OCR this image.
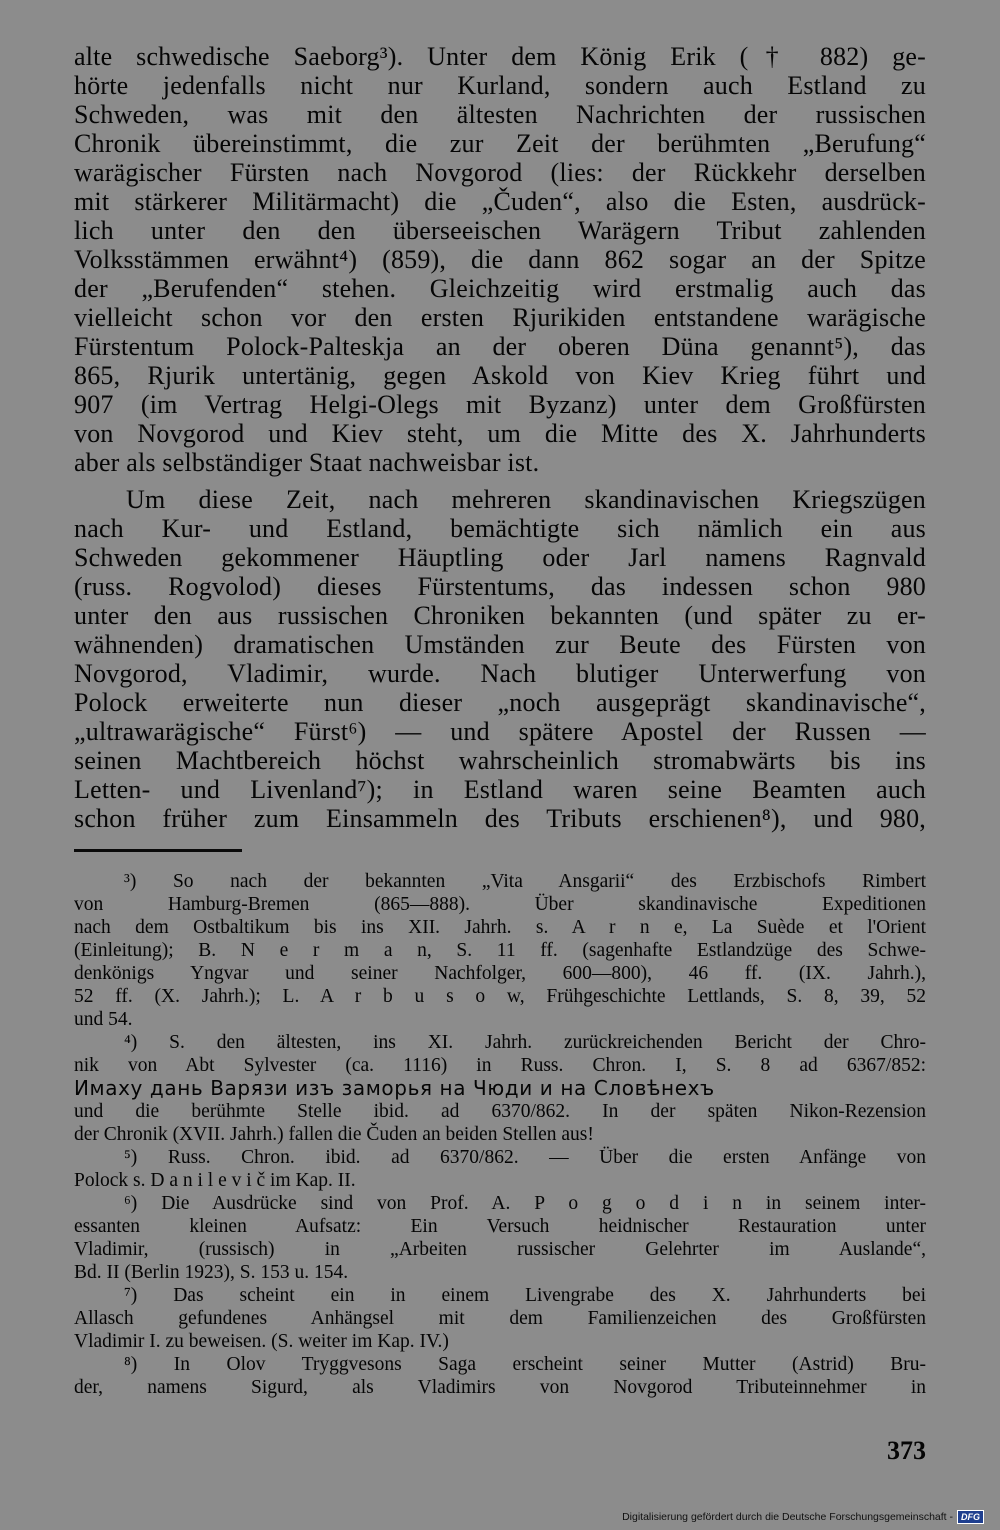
alte schwedische Saeborg³). Unter dem König Erik († 882) ge-
hörte jedenfalls nicht nur Kurland, sondern auch Estland zu
Schweden, was mit den ältesten Nachrichten der russischen
Chronik übereinstimmt, die zur Zeit der berühmten „Berufung“
warägischer Fürsten nach Novgorod (lies: der Rückkehr derselben
mit stärkerer Militärmacht) die „Čuden“, also die Esten, ausdrück-
lich unter den den überseeischen Warägern Tribut zahlenden
Volksstämmen erwähnt⁴) (859), die dann 862 sogar an der Spitze
der „Berufenden“ stehen. Gleichzeitig wird erstmalig auch das
vielleicht schon vor den ersten Rjurikiden entstandene warägische
Fürstentum Polock-Palteskja an der oberen Düna genannt⁵), das
865, Rjurik untertänig, gegen Askold von Kiev Krieg führt und
907 (im Vertrag Helgi-Olegs mit Byzanz) unter dem Großfürsten
von Novgorod und Kiev steht, um die Mitte des X. Jahrhunderts
aber als selbständiger Staat nachweisbar ist.
Um diese Zeit, nach mehreren skandinavischen Kriegszügen
nach Kur- und Estland, bemächtigte sich nämlich ein aus
Schweden gekommener Häuptling oder Jarl namens Ragnvald
(russ. Rogvolod) dieses Fürstentums, das indessen schon 980
unter den aus russischen Chroniken bekannten (und später zu er-
wähnenden) dramatischen Umständen zur Beute des Fürsten von
Novgorod, Vladimir, wurde. Nach blutiger Unterwerfung von
Polock erweiterte nun dieser „noch ausgeprägt skandinavische“,
„ultrawarägische“ Fürst⁶) — und spätere Apostel der Russen —
seinen Machtbereich höchst wahrscheinlich stromabwärts bis ins
Letten- und Livenland⁷); in Estland waren seine Beamten auch
schon früher zum Einsammeln des Tributs erschienen⁸), und 980,
³) So nach der bekannten „Vita Ansgarii“ des Erzbischofs Rimbert
von Hamburg-Bremen (865—888). Über skandinavische Expeditionen
nach dem Ostbaltikum bis ins XII. Jahrh. s. A r n e, La Suède et l'Orient
(Einleitung); B. N e r m a n, S. 11 ff. (sagenhafte Estlandzüge des Schwe-
denkönigs Yngvar und seiner Nachfolger, 600—800), 46 ff. (IX. Jahrh.),
52 ff. (X. Jahrh.); L. A r b u s o w, Frühgeschichte Lettlands, S. 8, 39, 52
und 54.
⁴) S. den ältesten, ins XI. Jahrh. zurückreichenden Bericht der Chro-
nik von Abt Sylvester (ca. 1116) in Russ. Chron. I, S. 8 ad 6367/852:
Имаху дань Варязи изъ заморья на Чюди и на Словѣнехъ
und die berühmte Stelle ibid. ad 6370/862. In der späten Nikon-Rezension
der Chronik (XVII. Jahrh.) fallen die Čuden an beiden Stellen aus!
⁵) Russ. Chron. ibid. ad 6370/862. — Über die ersten Anfänge von
Polock s. D a n i l e v i č im Kap. II.
⁶) Die Ausdrücke sind von Prof. A. P o g o d i n in seinem inter-
essanten kleinen Aufsatz: Ein Versuch heidnischer Restauration unter
Vladimir, (russisch) in „Arbeiten russischer Gelehrter im Auslande“,
Bd. II (Berlin 1923), S. 153 u. 154.
⁷) Das scheint ein in einem Livengrabe des X. Jahrhunderts bei
Allasch gefundenes Anhängsel mit dem Familienzeichen des Großfürsten
Vladimir I. zu beweisen. (S. weiter im Kap. IV.)
⁸) In Olov Tryggvesons Saga erscheint seiner Mutter (Astrid) Bru-
der, namens Sigurd, als Vladimirs von Novgorod Tributeinnehmer in
373
Digitalisierung gefördert durch die Deutsche Forschungsgemeinschaft - DFG
